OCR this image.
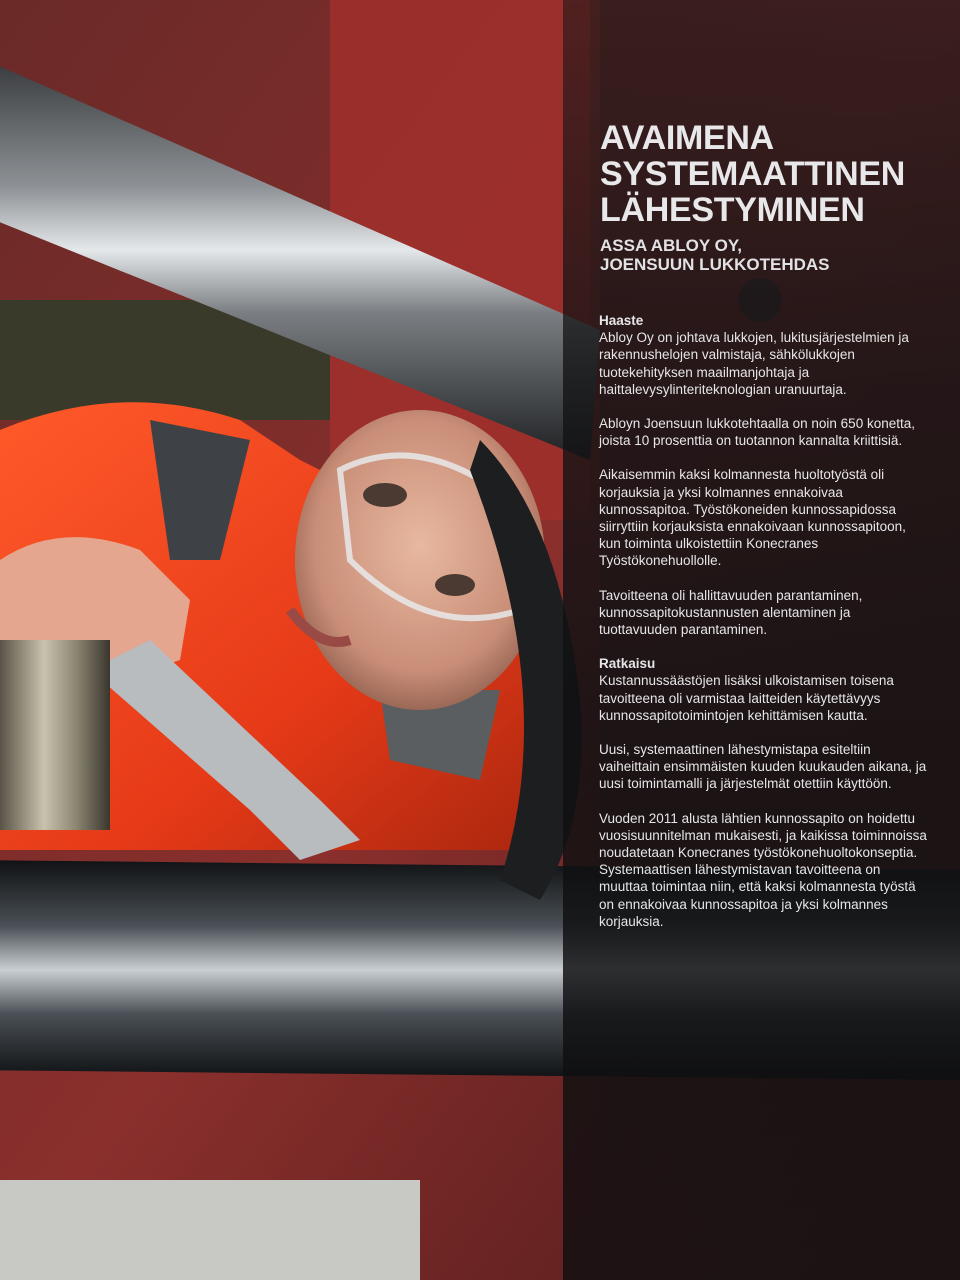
AVAIMENA
SYSTEMAATTINEN
LÄHESTYMINEN
ASSA ABLOY OY,
JOENSUUN LUKKOTEHDAS

Haaste
Abloy Oy on johtava lukkojen, lukitusjärjestelmien ja rakennushelojen valmistaja, sähkölukkojen tuotekehityksen maailmanjohtaja ja haittalevysylinteriteknologian uranuurtaja.

Abloyn Joensuun lukkotehtaalla on noin 650 konetta, joista 10 prosenttia on tuotannon kannalta kriittisiä.

Aikaisemmin kaksi kolmannesta huoltotyöstä oli korjauksia ja yksi kolmannes ennakoivaa kunnossapitoa. Työstökoneiden kunnossapidossa siirryttiin korjauksista ennakoivaan kunnossapitoon, kun toiminta ulkoistettiin Konecranes Työstökonehuollolle.

Tavoitteena oli hallittavuuden parantaminen, kunnossapitokustannusten alentaminen ja tuottavuuden parantaminen.

Ratkaisu
Kustannussäästöjen lisäksi ulkoistamisen toisena tavoitteena oli varmistaa laitteiden käytettävyys kunnossapitotoimintojen kehittämisen kautta.

Uusi, systemaattinen lähestymistapa esiteltiin vaiheittain ensimmäisten kuuden kuukauden aikana, ja uusi toimintamalli ja järjestelmät otettiin käyttöön.

Vuoden 2011 alusta lähtien kunnossapito on hoidettu vuosisuunnitelman mukaisesti, ja kaikissa toiminnoissa noudatetaan Konecranes työstökonehuoltokonseptia. Systemaattisen lähestymistavan tavoitteena on muuttaa toimintaa niin, että kaksi kolmannesta työstä on ennakoivaa kunnossapitoa ja yksi kolmannes korjauksia.
